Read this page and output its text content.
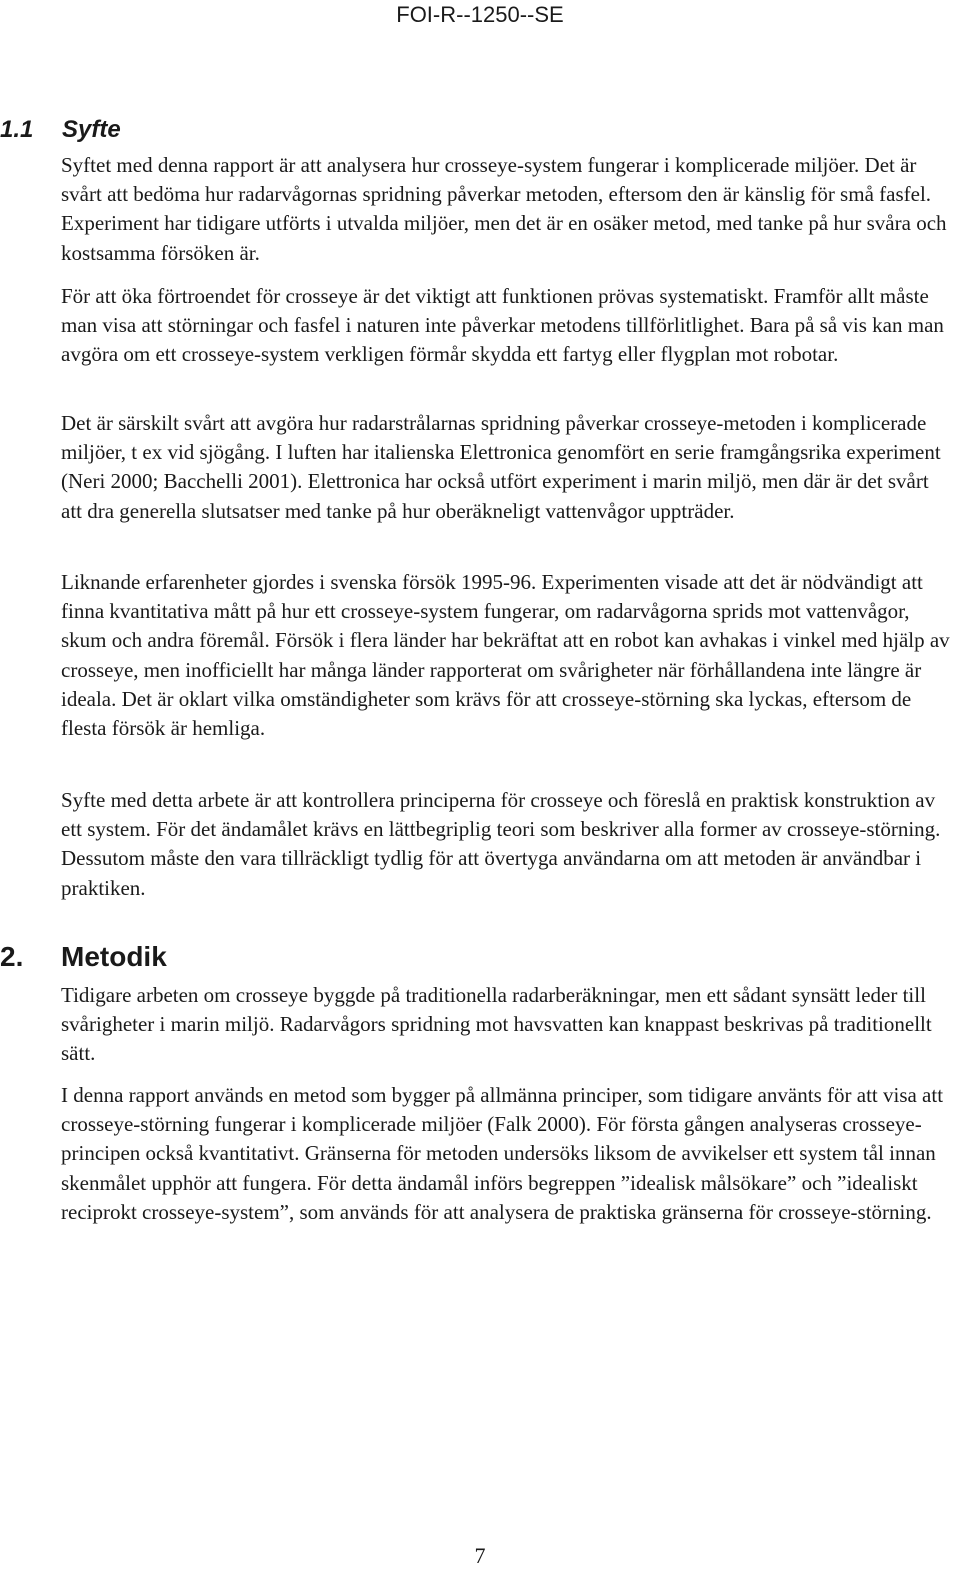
FOI-R--1250--SE
1.1 Syfte

Syftet med denna rapport är att analysera hur crosseye-system fungerar i komplicerade miljöer. Det är svårt att bedöma hur radarvågornas spridning påverkar metoden, eftersom den är känslig för små fasfel. Experiment har tidigare utförts i utvalda miljöer, men det är en osäker metod, med tanke på hur svåra och kostsamma försöken är.

För att öka förtroendet för crosseye är det viktigt att funktionen prövas systematiskt. Framför allt måste man visa att störningar och fasfel i naturen inte påverkar metodens tillförlitlighet. Bara på så vis kan man avgöra om ett crosseye-system verkligen förmår skydda ett fartyg eller flygplan mot robotar.

Det är särskilt svårt att avgöra hur radarstrålarnas spridning påverkar crosseye-metoden i komplicerade miljöer, t ex vid sjögång. I luften har italienska Elettronica genomfört en serie framgångsrika experiment (Neri 2000; Bacchelli 2001). Elettronica har också utfört experiment i marin miljö, men där är det svårt att dra generella slutsatser med tanke på hur oberäkneligt vattenvågor uppträder.

Liknande erfarenheter gjordes i svenska försök 1995-96. Experimenten visade att det är nödvändigt att finna kvantitativa mått på hur ett crosseye-system fungerar, om radarvågorna sprids mot vattenvågor, skum och andra föremål. Försök i flera länder har bekräftat att en robot kan avhakas i vinkel med hjälp av crosseye, men inofficiellt har många länder rapporterat om svårigheter när förhållandena inte längre är ideala. Det är oklart vilka omständigheter som krävs för att crosseye-störning ska lyckas, eftersom de flesta försök är hemliga.

Syfte med detta arbete är att kontrollera principerna för crosseye och föreslå en praktisk konstruktion av ett system. För det ändamålet krävs en lättbegriplig teori som beskriver alla former av crosseye-störning. Dessutom måste den vara tillräckligt tydlig för att övertyga användarna om att metoden är användbar i praktiken.

2. Metodik

Tidigare arbeten om crosseye byggde på traditionella radarberäkningar, men ett sådant synsätt leder till svårigheter i marin miljö. Radarvågors spridning mot havsvatten kan knappast beskrivas på traditionellt sätt.

I denna rapport används en metod som bygger på allmänna principer, som tidigare använts för att visa att crosseye-störning fungerar i komplicerade miljöer (Falk 2000). För första gången analyseras crosseye-principen också kvantitativt. Gränserna för metoden undersöks liksom de avvikelser ett system tål innan skenmålet upphör att fungera. För detta ändamål införs begreppen ”idealisk målsökare” och ”idealiskt reciprokt crosseye-system”, som används för att analysera de praktiska gränserna för crosseye-störning.

7
